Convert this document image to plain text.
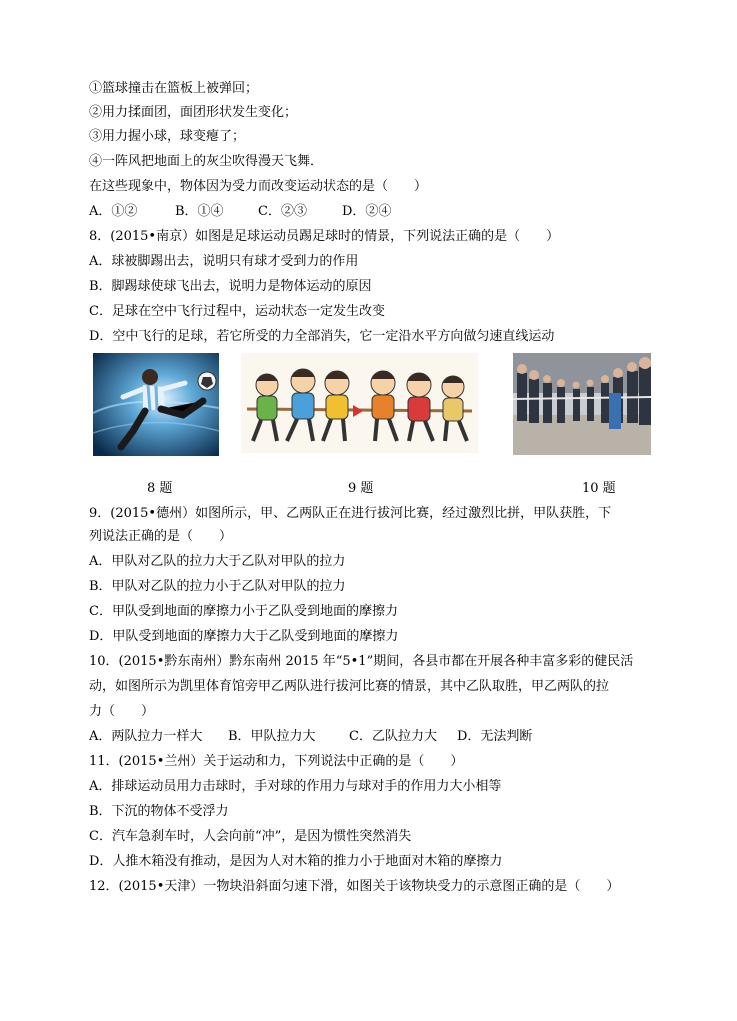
①篮球撞击在篮板上被弹回；
②用力揉面团，面团形状发生变化；
③用力握小球，球变瘪了；
④一阵风把地面上的灰尘吹得漫天飞舞．
在这些现象中，物体因为受力而改变运动状态的是（　　）
A．①②	B．①④	C．②③	D．②④
8．(2015•南京）如图是足球运动员踢足球时的情景，下列说法正确的是（　　）
A．球被脚踢出去，说明只有球才受到力的作用
B．脚踢球使球飞出去，说明力是物体运动的原因
C．足球在空中飞行过程中，运动状态一定发生改变
D．空中飞行的足球，若它所受的力全部消失，它一定沿水平方向做匀速直线运动
8 题	9 题	10 题
9．(2015•德州）如图所示，甲、乙两队正在进行拔河比赛，经过激烈比拼，甲队获胜，下
列说法正确的是（　　）
A．甲队对乙队的拉力大于乙队对甲队的拉力
B．甲队对乙队的拉力小于乙队对甲队的拉力
C．甲队受到地面的摩擦力小于乙队受到地面的摩擦力
D．甲队受到地面的摩擦力大于乙队受到地面的摩擦力
10．(2015•黔东南州）黔东南州 2015 年“5•1”期间，各县市都在开展各种丰富多彩的健民活
动，如图所示为凯里体育馆旁甲乙两队进行拔河比赛的情景，其中乙队取胜，甲乙两队的拉
力（　　）
A．两队拉力一样大 B．甲队拉力大	C．乙队拉力大 D．无法判断
11．(2015•兰州）关于运动和力，下列说法中正确的是（　　）
A．排球运动员用力击球时，手对球的作用力与球对手的作用力大小相等
B．下沉的物体不受浮力
C．汽车急刹车时，人会向前“冲”，是因为惯性突然消失
D．人推木箱没有推动，是因为人对木箱的推力小于地面对木箱的摩擦力
12．(2015•天津）一物块沿斜面匀速下滑，如图关于该物块受力的示意图正确的是（　　）
